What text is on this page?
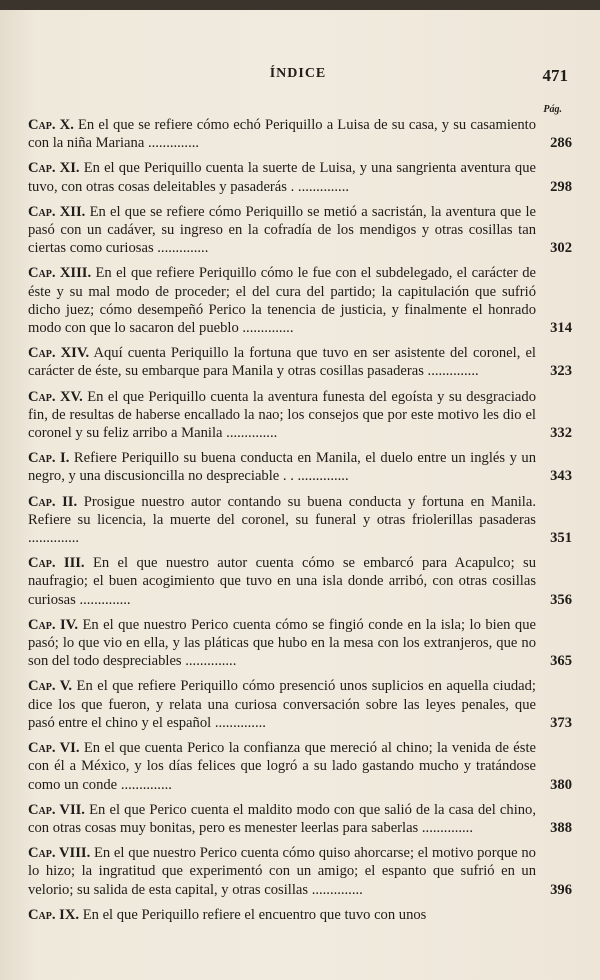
ÍNDICE	471
Pág.
Cap. X. En el que se refiere cómo echó Periquillo a Luisa de su casa, y su casamiento con la niña Mariana ..............	286
Cap. XI. En el que Periquillo cuenta la suerte de Luisa, y una sangrienta aventura que tuvo, con otras cosas deleitables y pasaderás . ..............	298
Cap. XII. En el que se refiere cómo Periquillo se metió a sacristán, la aventura que le pasó con un cadáver, su ingreso en la cofradía de los mendigos y otras cosillas tan ciertas como curiosas ..............	302
Cap. XIII. En el que refiere Periquillo cómo le fue con el subdelegado, el carácter de éste y su mal modo de proceder; el del cura del partido; la capitulación que sufrió dicho juez; cómo desempeñó Perico la tenencia de justicia, y finalmente el honrado modo con que lo sacaron del pueblo ..............	314
Cap. XIV. Aquí cuenta Periquillo la fortuna que tuvo en ser asistente del coronel, el carácter de éste, su embarque para Manila y otras cosillas pasaderas ..............	323
Cap. XV. En el que Periquillo cuenta la aventura funesta del egoísta y su desgraciado fin, de resultas de haberse encallado la nao; los consejos que por este motivo les dio el coronel y su feliz arribo a Manila ..............	332
Cap. I. Refiere Periquillo su buena conducta en Manila, el duelo entre un inglés y un negro, y una discusioncilla no despreciable . . ..............	343
Cap. II. Prosigue nuestro autor contando su buena conducta y fortuna en Manila. Refiere su licencia, la muerte del coronel, su funeral y otras friolerillas pasaderas ..............	351
Cap. III. En el que nuestro autor cuenta cómo se embarcó para Acapulco; su naufragio; el buen acogimiento que tuvo en una isla donde arribó, con otras cosillas curiosas ..............	356
Cap. IV. En el que nuestro Perico cuenta cómo se fingió conde en la isla; lo bien que pasó; lo que vio en ella, y las pláticas que hubo en la mesa con los extranjeros, que no son del todo despreciables ..............	365
Cap. V. En el que refiere Periquillo cómo presenció unos suplicios en aquella ciudad; dice los que fueron, y relata una curiosa conversación sobre las leyes penales, que pasó entre el chino y el español ..............	373
Cap. VI. En el que cuenta Perico la confianza que mereció al chino; la venida de éste con él a México, y los días felices que logró a su lado gastando mucho y tratándose como un conde ..............	380
Cap. VII. En el que Perico cuenta el maldito modo con que salió de la casa del chino, con otras cosas muy bonitas, pero es menester leerlas para saberlas ..............	388
Cap. VIII. En el que nuestro Perico cuenta cómo quiso ahorcarse; el motivo porque no lo hizo; la ingratitud que experimentó con un amigo; el espanto que sufrió en un velorio; su salida de esta capital, y otras cosillas ..............	396
Cap. IX. En el que Periquillo refiere el encuentro que tuvo con unos
